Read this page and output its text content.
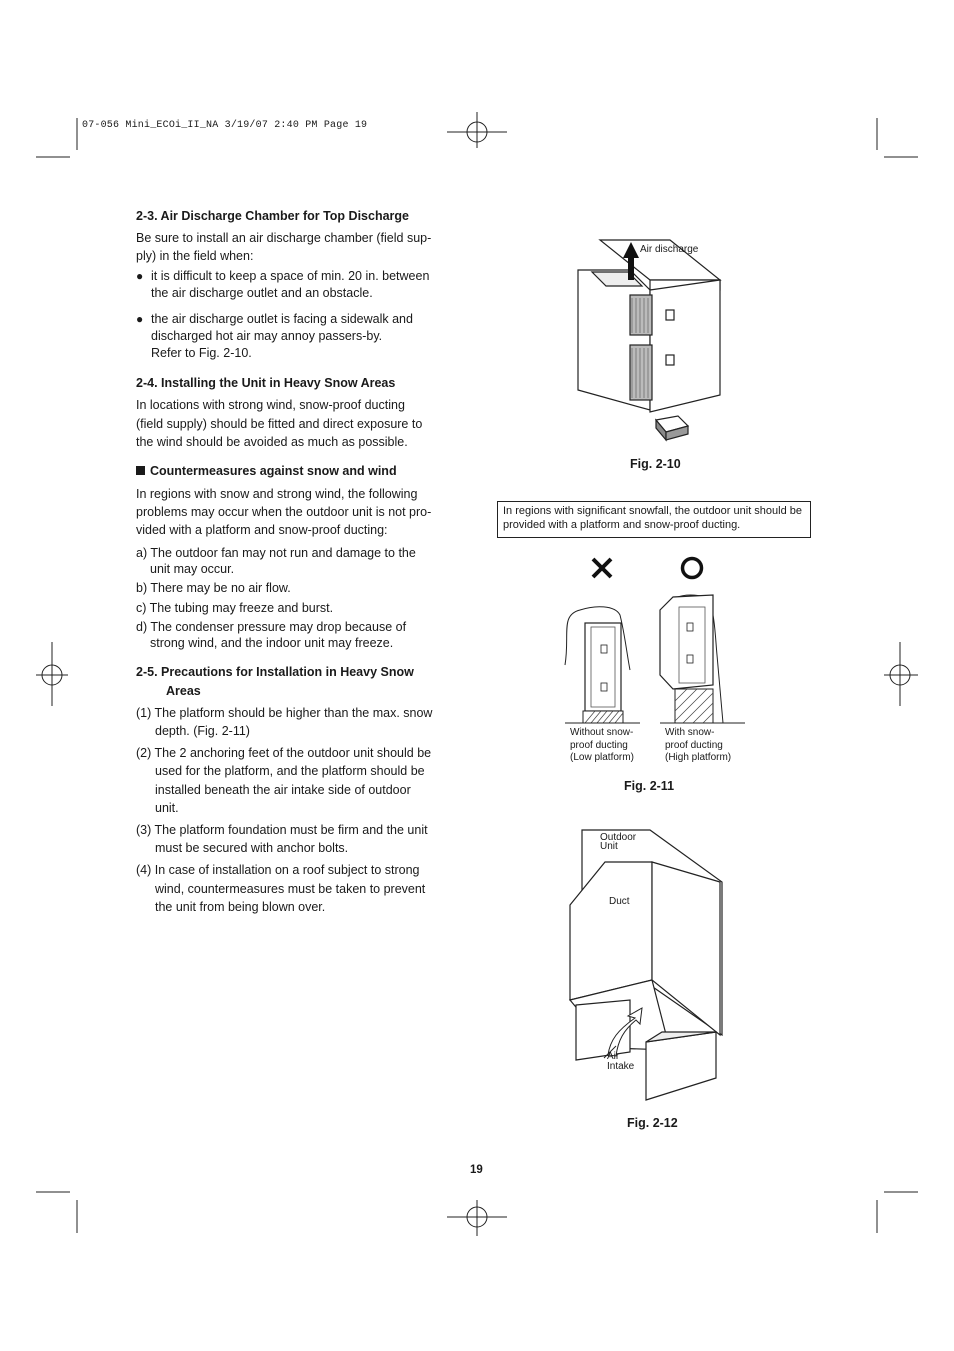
07-056 Mini_ECOi_II_NA 3/19/07 2:40 PM Page 19
2-3. Air Discharge Chamber for Top Discharge
Be sure to install an air discharge chamber (field sup-
ply) in the field when:
● it is difficult to keep a space of min. 20 in. between
the air discharge outlet and an obstacle.
● the air discharge outlet is facing a sidewalk and
discharged hot air may annoy passers-by.
Refer to Fig. 2-10.
2-4. Installing the Unit in Heavy Snow Areas
In locations with strong wind, snow-proof ducting
(field supply) should be fitted and direct exposure to
the wind should be avoided as much as possible.
Countermeasures against snow and wind
In regions with snow and strong wind, the following
problems may occur when the outdoor unit is not pro-
vided with a platform and snow-proof ducting:
a) The outdoor fan may not run and damage to the
unit may occur.
b) There may be no air flow.
c) The tubing may freeze and burst.
d) The condenser pressure may drop because of
strong wind, and the indoor unit may freeze.
2-5. Precautions for Installation in Heavy Snow
Areas
(1) The platform should be higher than the max. snow
depth. (Fig. 2-11)
(2) The 2 anchoring feet of the outdoor unit should be
used for the platform, and the platform should be
installed beneath the air intake side of outdoor
unit.
(3) The platform foundation must be firm and the unit
must be secured with anchor bolts.
(4) In case of installation on a roof subject to strong
wind, countermeasures must be taken to prevent
the unit from being blown over.
Air discharge
Fig. 2-10
In regions with significant snowfall, the outdoor unit should be provided with a platform and snow-proof ducting.
Without snow-
proof ducting
(Low platform)
With snow-
proof ducting
(High platform)
Fig. 2-11
Outdoor
Unit
Duct
Air
Intake
Fig. 2-12
19
